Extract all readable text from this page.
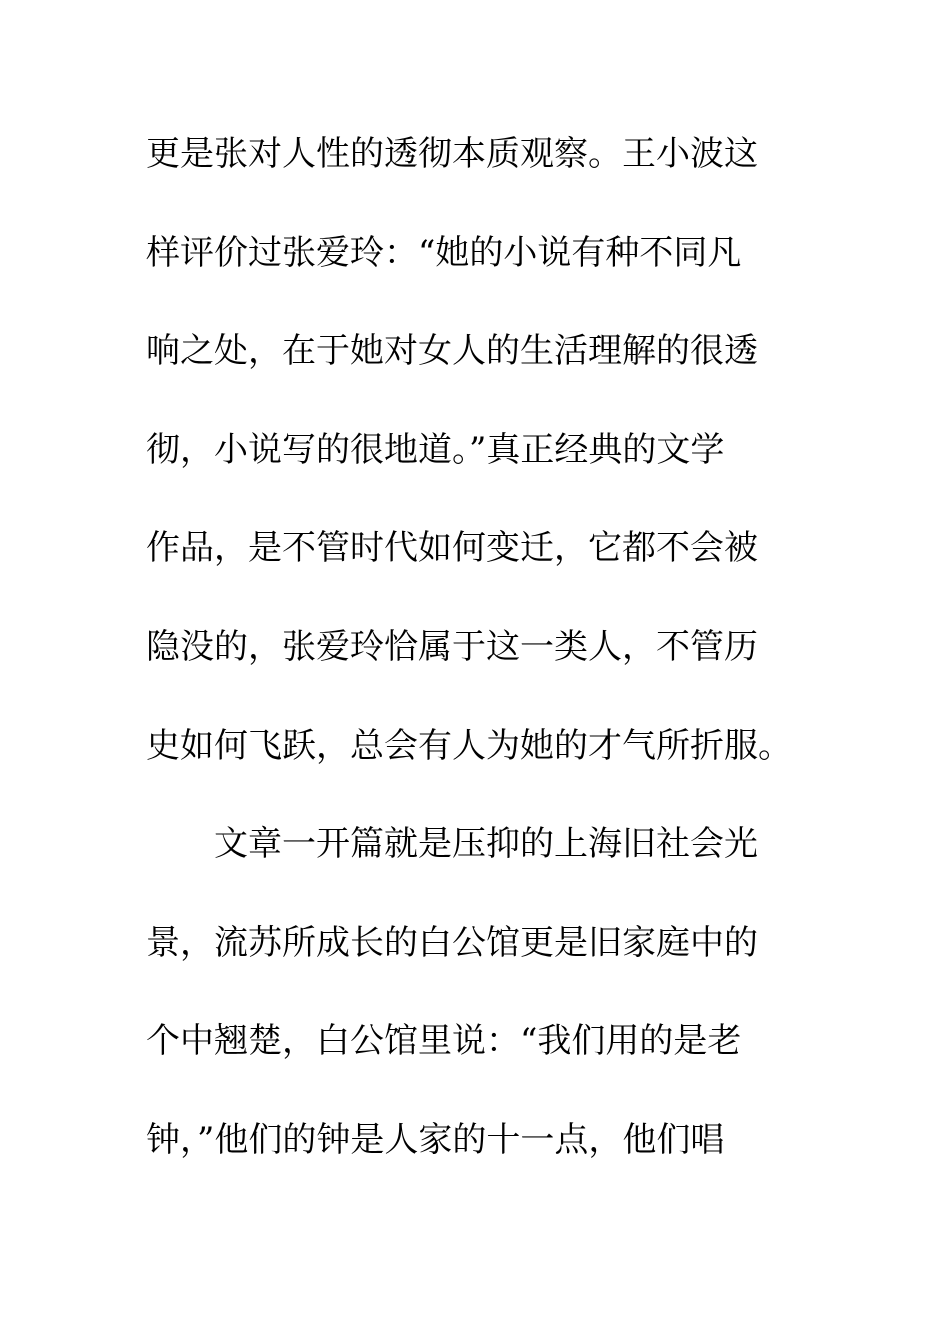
更是张对人性的透彻本质观察。王小波这
样评价过张爱玲：“她的小说有种不同凡
响之处，在于她对女人的生活理解的很透
彻，小说写的很地道。”真正经典的文学
作品，是不管时代如何变迁，它都不会被
隐没的，张爱玲恰属于这一类人，不管历
史如何飞跃，总会有人为她的才气所折服。
文章一开篇就是压抑的上海旧社会光
景，流苏所成长的白公馆更是旧家庭中的
个中翘楚，白公馆里说：“我们用的是老
钟，”他们的钟是人家的十一点，他们唱
